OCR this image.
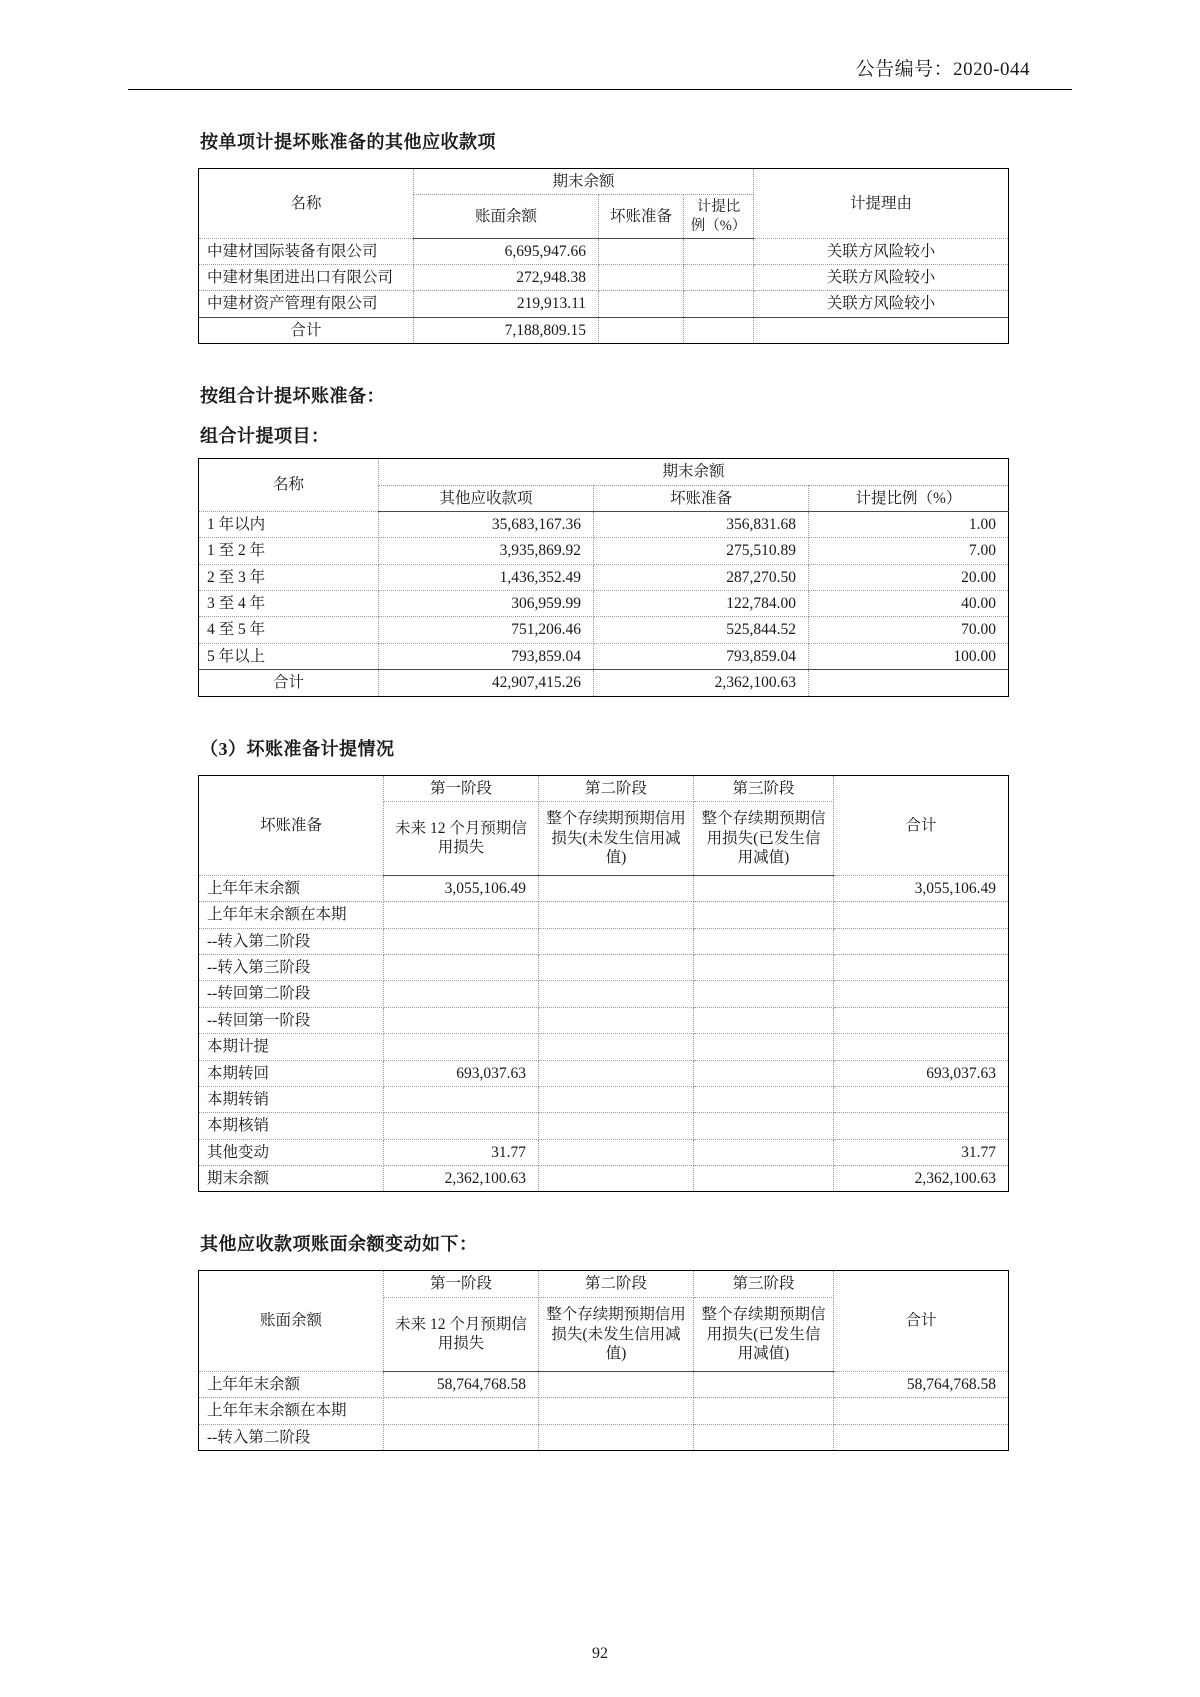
公告编号：2020-044
按单项计提坏账准备的其他应收款项
名称	期末余额			计提理由
	账面余额	坏账准备	计提比例（%）	
中建材国际装备有限公司	6,695,947.66			关联方风险较小
中建材集团进出口有限公司	272,948.38			关联方风险较小
中建材资产管理有限公司	219,913.11			关联方风险较小
合计	7,188,809.15			
按组合计提坏账准备：
组合计提项目：
名称	期末余额		
	其他应收款项	坏账准备	计提比例（%）
1 年以内	35,683,167.36	356,831.68	1.00
1 至 2 年	3,935,869.92	275,510.89	7.00
2 至 3 年	1,436,352.49	287,270.50	20.00
3 至 4 年	306,959.99	122,784.00	40.00
4 至 5 年	751,206.46	525,844.52	70.00
5 年以上	793,859.04	793,859.04	100.00
合计	42,907,415.26	2,362,100.63	
（3）坏账准备计提情况
坏账准备	第一阶段	第二阶段	第三阶段	合计
	未来 12 个月预期信用损失	整个存续期预期信用损失(未发生信用减值)	整个存续期预期信用损失(已发生信用减值)	
上年年末余额	3,055,106.49			3,055,106.49
上年年末余额在本期				
--转入第二阶段				
--转入第三阶段				
--转回第二阶段				
--转回第一阶段				
本期计提				
本期转回	693,037.63			693,037.63
本期转销				
本期核销				
其他变动	31.77			31.77
期末余额	2,362,100.63			2,362,100.63
其他应收款项账面余额变动如下：
账面余额	第一阶段	第二阶段	第三阶段	合计
	未来 12 个月预期信用损失	整个存续期预期信用损失(未发生信用减值)	整个存续期预期信用损失(已发生信用减值)	
上年年末余额	58,764,768.58			58,764,768.58
上年年末余额在本期				
--转入第二阶段				
92
